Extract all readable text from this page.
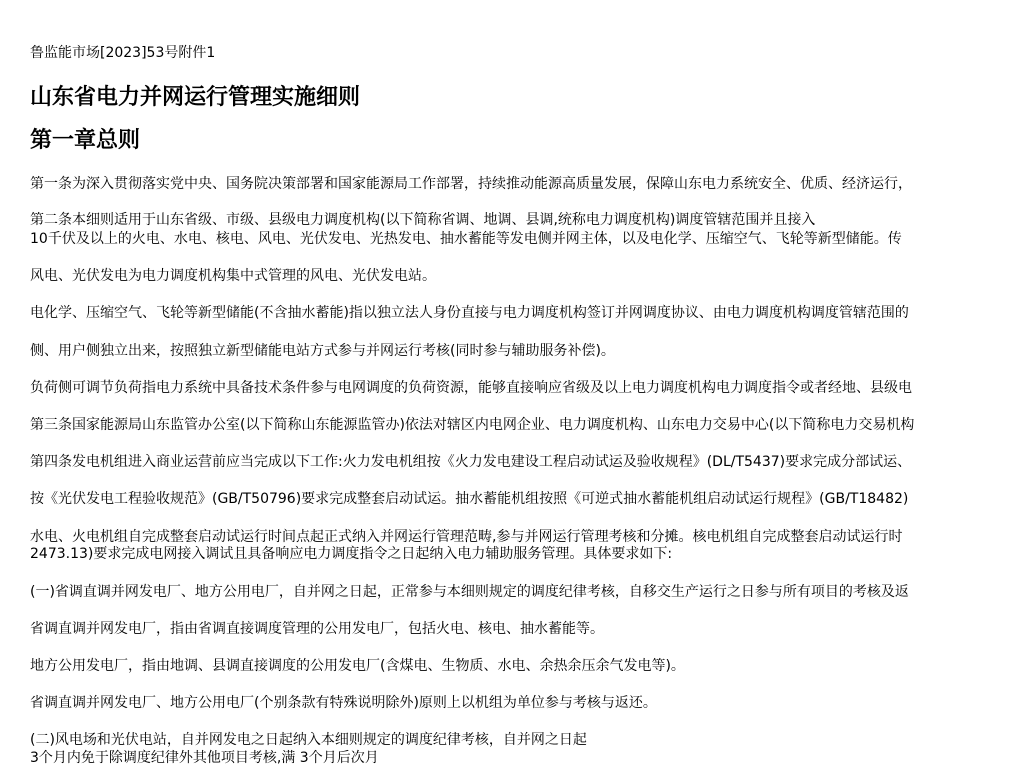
鲁监能市场[2023]53号附件1
山东省电力并网运行管理实施细则
第一章总则
第一条为深入贯彻落实党中央、国务院决策部署和国家能源局工作部署，持续推动能源高质量发展，保障山东电力系统安全、优质、经济运行，
第二条本细则适用于山东省级、市级、县级电力调度机构(以下简称省调、地调、县调,统称电力调度机构)调度管辖范围并且接入
10千伏及以上的火电、水电、核电、风电、光伏发电、光热发电、抽水蓄能等发电侧并网主体，以及电化学、压缩空气、飞轮等新型储能。传
风电、光伏发电为电力调度机构集中式管理的风电、光伏发电站。
电化学、压缩空气、飞轮等新型储能(不含抽水蓄能)指以独立法人身份直接与电力调度机构签订并网调度协议、由电力调度机构调度管辖范围的
侧、用户侧独立出来，按照独立新型储能电站方式参与并网运行考核(同时参与辅助服务补偿)。
负荷侧可调节负荷指电力系统中具备技术条件参与电网调度的负荷资源，能够直接响应省级及以上电力调度机构电力调度指令或者经地、县级电
第三条国家能源局山东监管办公室(以下简称山东能源监管办)依法对辖区内电网企业、电力调度机构、山东电力交易中心(以下简称电力交易机构
第四条发电机组进入商业运营前应当完成以下工作:火力发电机组按《火力发电建设工程启动试运及验收规程》(DL/T5437)要求完成分部试运、
按《光伏发电工程验收规范》(GB/T50796)要求完成整套启动试运。抽水蓄能机组按照《可逆式抽水蓄能机组启动试运行规程》(GB/T18482)
水电、火电机组自完成整套启动试运行时间点起正式纳入并网运行管理范畴,参与并网运行管理考核和分摊。核电机组自完成整套启动试运行时
2473.13)要求完成电网接入调试且具备响应电力调度指令之日起纳入电力辅助服务管理。具体要求如下:
(一)省调直调并网发电厂、地方公用电厂，自并网之日起，正常参与本细则规定的调度纪律考核，自移交生产运行之日参与所有项目的考核及返
省调直调并网发电厂，指由省调直接调度管理的公用发电厂，包括火电、核电、抽水蓄能等。
地方公用发电厂，指由地调、县调直接调度的公用发电厂(含煤电、生物质、水电、余热余压余气发电等)。
省调直调并网发电厂、地方公用电厂(个别条款有特殊说明除外)原则上以机组为单位参与考核与返还。
(二)风电场和光伏电站，自并网发电之日起纳入本细则规定的调度纪律考核，自并网之日起
3个月内免于除调度纪律外其他项目考核,满 3个月后次月
